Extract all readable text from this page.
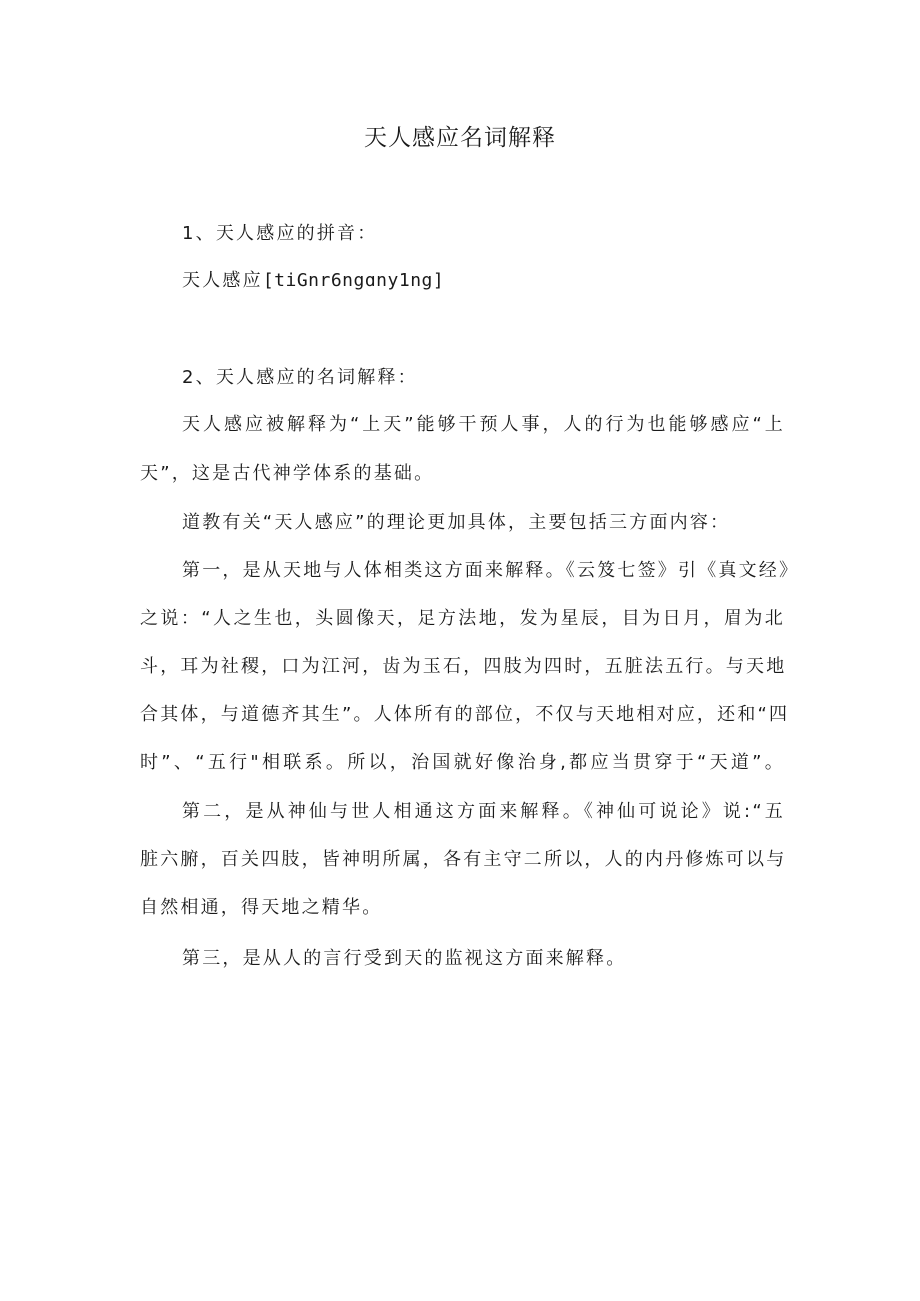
天人感应名词解释
1、天人感应的拼音：
天人感应[tiGnr6ngɑny1ng]
2、天人感应的名词解释：
天人感应被解释为“上天”能够干预人事，人的行为也能够感应“上
天”，这是古代神学体系的基础。
道教有关“天人感应”的理论更加具体，主要包括三方面内容：
第一，是从天地与人体相类这方面来解释。《云笈七签》引《真文经》
之说：“人之生也，头圆像天，足方法地，发为星辰，目为日月，眉为北
斗，耳为社稷，口为江河，齿为玉石，四肢为四时，五脏法五行。与天地
合其体，与道德齐其生”。人体所有的部位，不仅与天地相对应，还和“四
时”、“五行"相联系。所以，治国就好像治身,都应当贯穿于“天道”。
第二，是从神仙与世人相通这方面来解释。《神仙可说论》说:“五
脏六腑，百关四肢，皆神明所属，各有主守二所以，人的内丹修炼可以与
自然相通，得天地之精华。
第三，是从人的言行受到天的监视这方面来解释。
